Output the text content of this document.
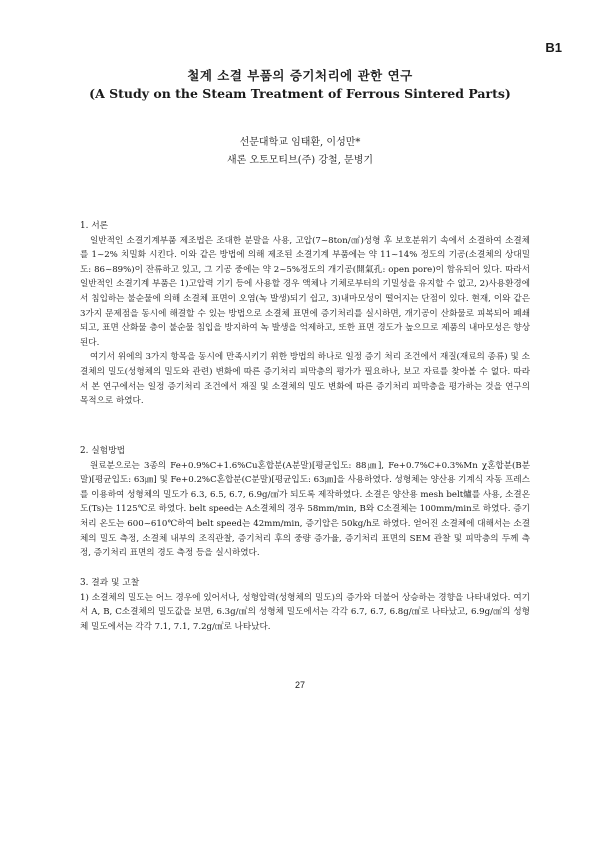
B1
철계 소결 부품의 증기처리에 관한 연구
(A Study on the Steam Treatment of Ferrous Sintered Parts)
선문대학교 임태환, 이성만*
새론 오토모티브(주) 강철, 문병기
1. 서론

일반적인 소결기계부품 제조법은 조대한 분말을 사용, 고압(7~8ton/㎠)성형 후 보호분위기 속에서 소결하여 소결체를 1~2% 치밀화 시킨다. 이와 같은 방법에 의해 제조된 소결기계 부품에는 약 11~14% 정도의 기공(소결체의 상대밀도: 86~89%)이 잔류하고 있고, 그 기공 중에는 약 2~5%정도의 개기공(開氣孔: open pore)이 함유되어 있다. 따라서 일반적인 소결기계 부품은 1)고압력 기기 등에 사용할 경우 액체나 기체로부터의 기밀성을 유지할 수 없고, 2)사용환경에서 침입하는 불순물에 의해 소결체 표면이 오염(녹 발생)되기 쉽고, 3)내마모성이 떨어지는 단점이 있다. 현재, 이와 같은 3가지 문제점을 동시에 해결할 수 있는 방법으로 소결체 표면에 증기처리를 실시하면, 개기공이 산화물로 피복되어 폐쇄되고, 표면 산화물 층이 불순물 침입을 방지하여 녹 발생을 억제하고, 또한 표면 경도가 높으므로 제품의 내마모성은 향상된다.

여기서 위에의 3가지 항목을 동시에 만족시키기 위한 방법의 하나로 일정 증기 처리 조건에서 재질(재료의 종류) 및 소결체의 밀도(성형체의 밀도와 관련) 변화에 따른 증기처리 피막층의 평가가 필요하나, 보고 자료를 찾아볼 수 없다. 따라서 본 연구에서는 일정 증기처리 조건에서 재질 및 소결체의 밀도 변화에 따른 증기처리 피막층을 평가하는 것을 연구의 목적으로 하였다.

2. 실험방법

원료분으로는 3종의 Fe+0.9%C+1.6%Cu혼합분(A분말)[평균입도: 88㎛], Fe+0.7%C+0.3%Mn χ혼합분(B분말)[평균입도: 63㎛] 및 Fe+0.2%C혼합분(C분말)[평균입도: 63㎛]을 사용하였다. 성형체는 양산용 기계식 자동 프레스를 이용하여 성형체의 밀도가 6.3, 6.5, 6.7, 6.9g/㎤가 되도록 제작하였다. 소결은 양산용 mesh belt爐를 사용, 소결온도(Ts)는 1125℃로 하였다. belt speed는 A소결체의 경우 58mm/min, B와 C소결체는 100mm/min로 하였다. 증기처리 온도는 600~610℃하여 belt speed는 42mm/min, 증기압은 50kg/h로 하였다. 얻어진 소결체에 대해서는 소결체의 밀도 측정, 소결체 내부의 조직관찰, 증기처리 후의 중량 증가율, 증기처리 표면의 SEM 관찰 및 피막층의 두께 측정, 증기처리 표면의 경도 측정 등을 실시하였다.

3. 결과 및 고찰

1) 소결체의 밀도는 어느 경우에 있어서나, 성형압력(성형체의 밀도)의 증가와 더불어 상승하는 경향을 나타내었다. 여기서 A, B, C소결체의 밀도값을 보면, 6.3g/㎤의 성형체 밀도에서는 각각 6.7, 6.7, 6.8g/㎤로 나타났고, 6.9g/㎤의 성형체 밀도에서는 각각 7.1, 7.1, 7.2g/㎤로 나타났다.

27
